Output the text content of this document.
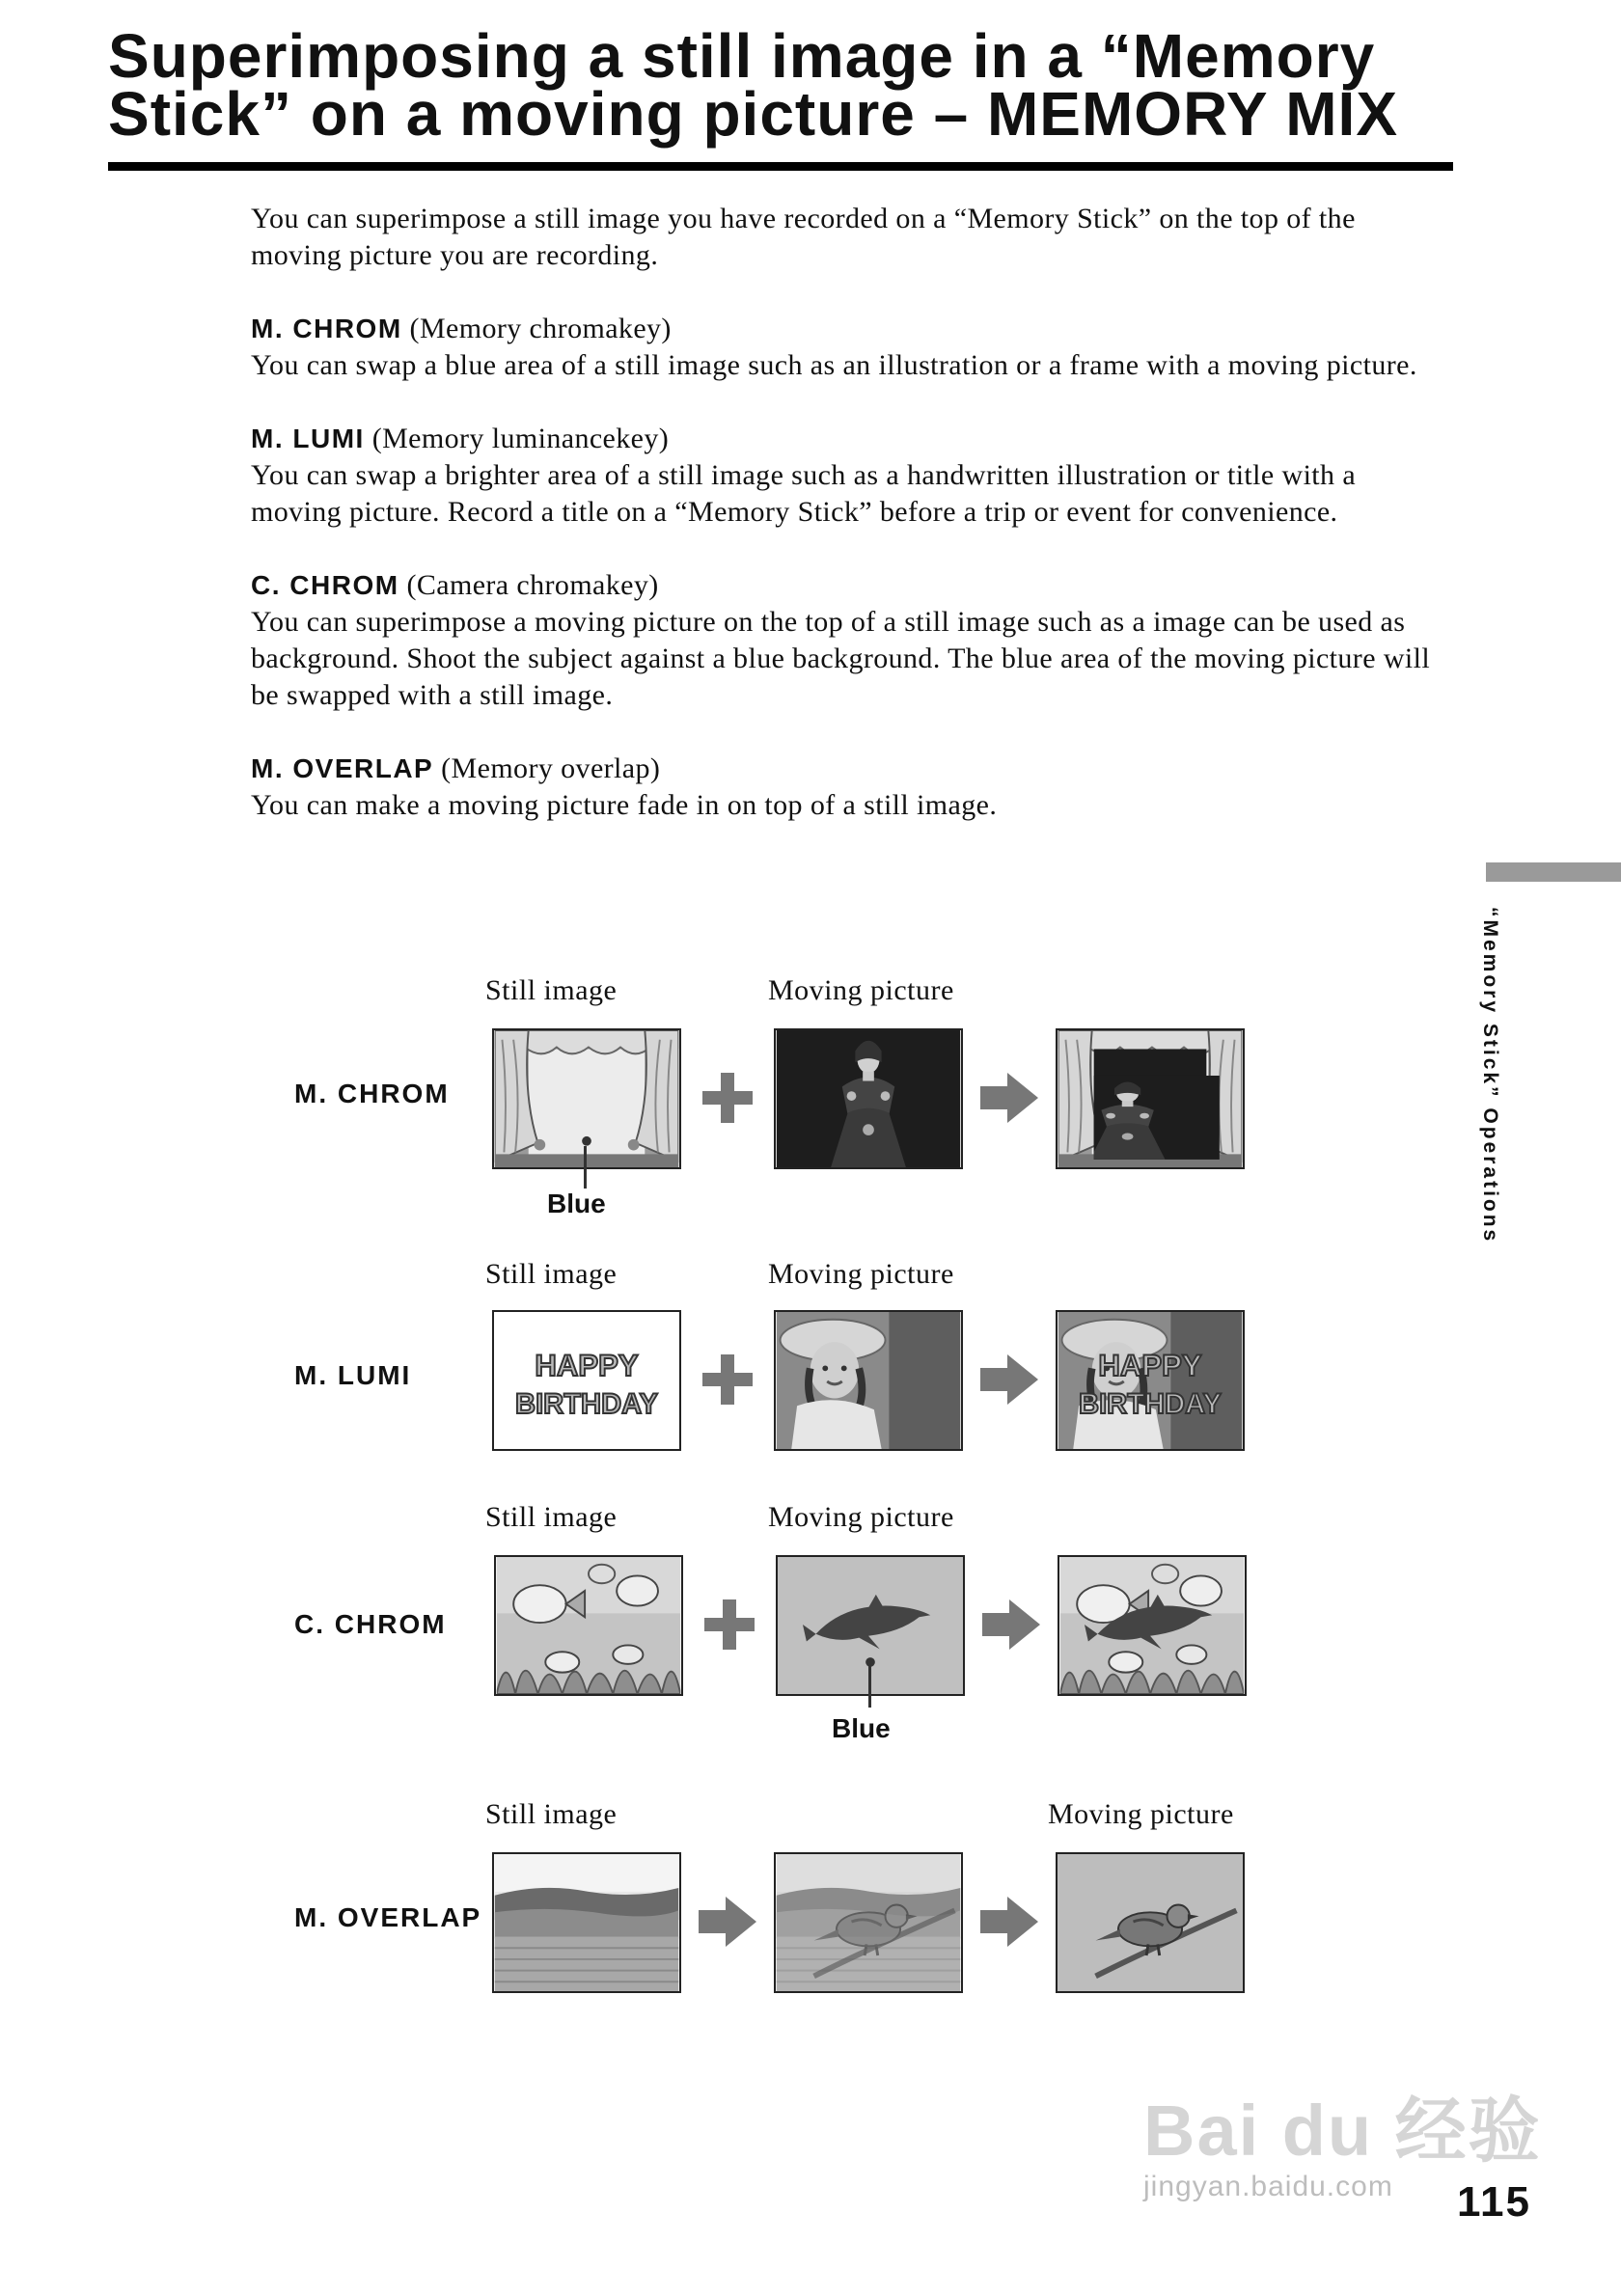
Superimposing a still image in a “Memory Stick” on a moving picture – MEMORY MIX

You can superimpose a still image you have recorded on a “Memory Stick” on the top of the moving picture you are recording.

M. CHROM (Memory chromakey)
You can swap a blue area of a still image such as an illustration or a frame with a moving picture.

M. LUMI (Memory luminancekey)
You can swap a brighter area of a still image such as a handwritten illustration or title with a moving picture. Record a title on a “Memory Stick” before a trip or event for convenience.

C. CHROM (Camera chromakey)
You can superimpose a moving picture on the top of a still image such as a image can be used as background. Shoot the subject against a blue background. The blue area of the moving picture will be swapped with a still image.

M. OVERLAP (Memory overlap)
You can make a moving picture fade in on top of a still image.

“Memory Stick” Operations
Still image	Moving picture
M. CHROM
Blue
Still image	Moving picture
M. LUMI	HAPPY
BIRTHDAY
HAPPY
BIRTHDAY
Still image	Moving picture
C. CHROM
Blue
Still image	Moving picture
M. OVERLAP
Bai du 经验
jingyan.baidu.com 115
